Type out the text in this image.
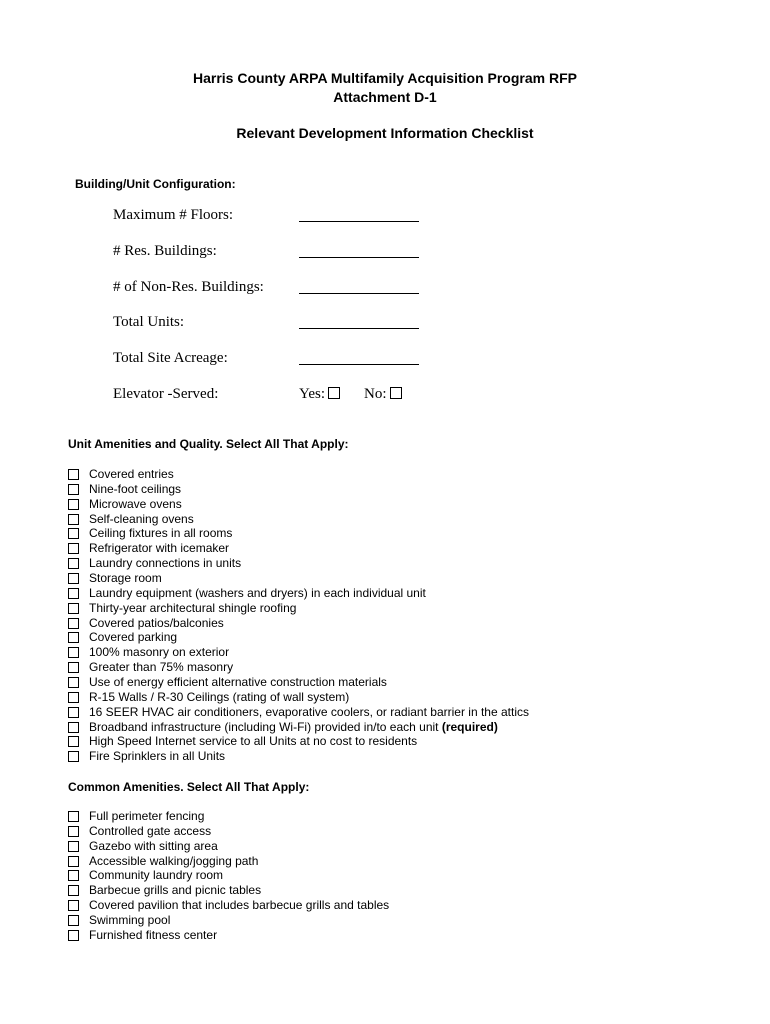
Harris County ARPA Multifamily Acquisition Program RFP
Attachment D-1
Relevant Development Information Checklist
Building/Unit Configuration:
Maximum # Floors:
# Res. Buildings:
# of Non-Res. Buildings:
Total Units:
Total Site Acreage:
Elevator -Served:	Yes:	No:
Unit Amenities and Quality. Select All That Apply:
Covered entries
Nine-foot ceilings
Microwave ovens
Self-cleaning ovens
Ceiling fixtures in all rooms
Refrigerator with icemaker
Laundry connections in units
Storage room
Laundry equipment (washers and dryers) in each individual unit
Thirty-year architectural shingle roofing
Covered patios/balconies
Covered parking
100% masonry on exterior
Greater than 75% masonry
Use of energy efficient alternative construction materials
R-15 Walls / R-30 Ceilings (rating of wall system)
16 SEER HVAC air conditioners, evaporative coolers, or radiant barrier in the attics
Broadband infrastructure (including Wi-Fi) provided in/to each unit (required)
High Speed Internet service to all Units at no cost to residents
Fire Sprinklers in all Units
Common Amenities. Select All That Apply:
Full perimeter fencing
Controlled gate access
Gazebo with sitting area
Accessible walking/jogging path
Community laundry room
Barbecue grills and picnic tables
Covered pavilion that includes barbecue grills and tables
Swimming pool
Furnished fitness center
